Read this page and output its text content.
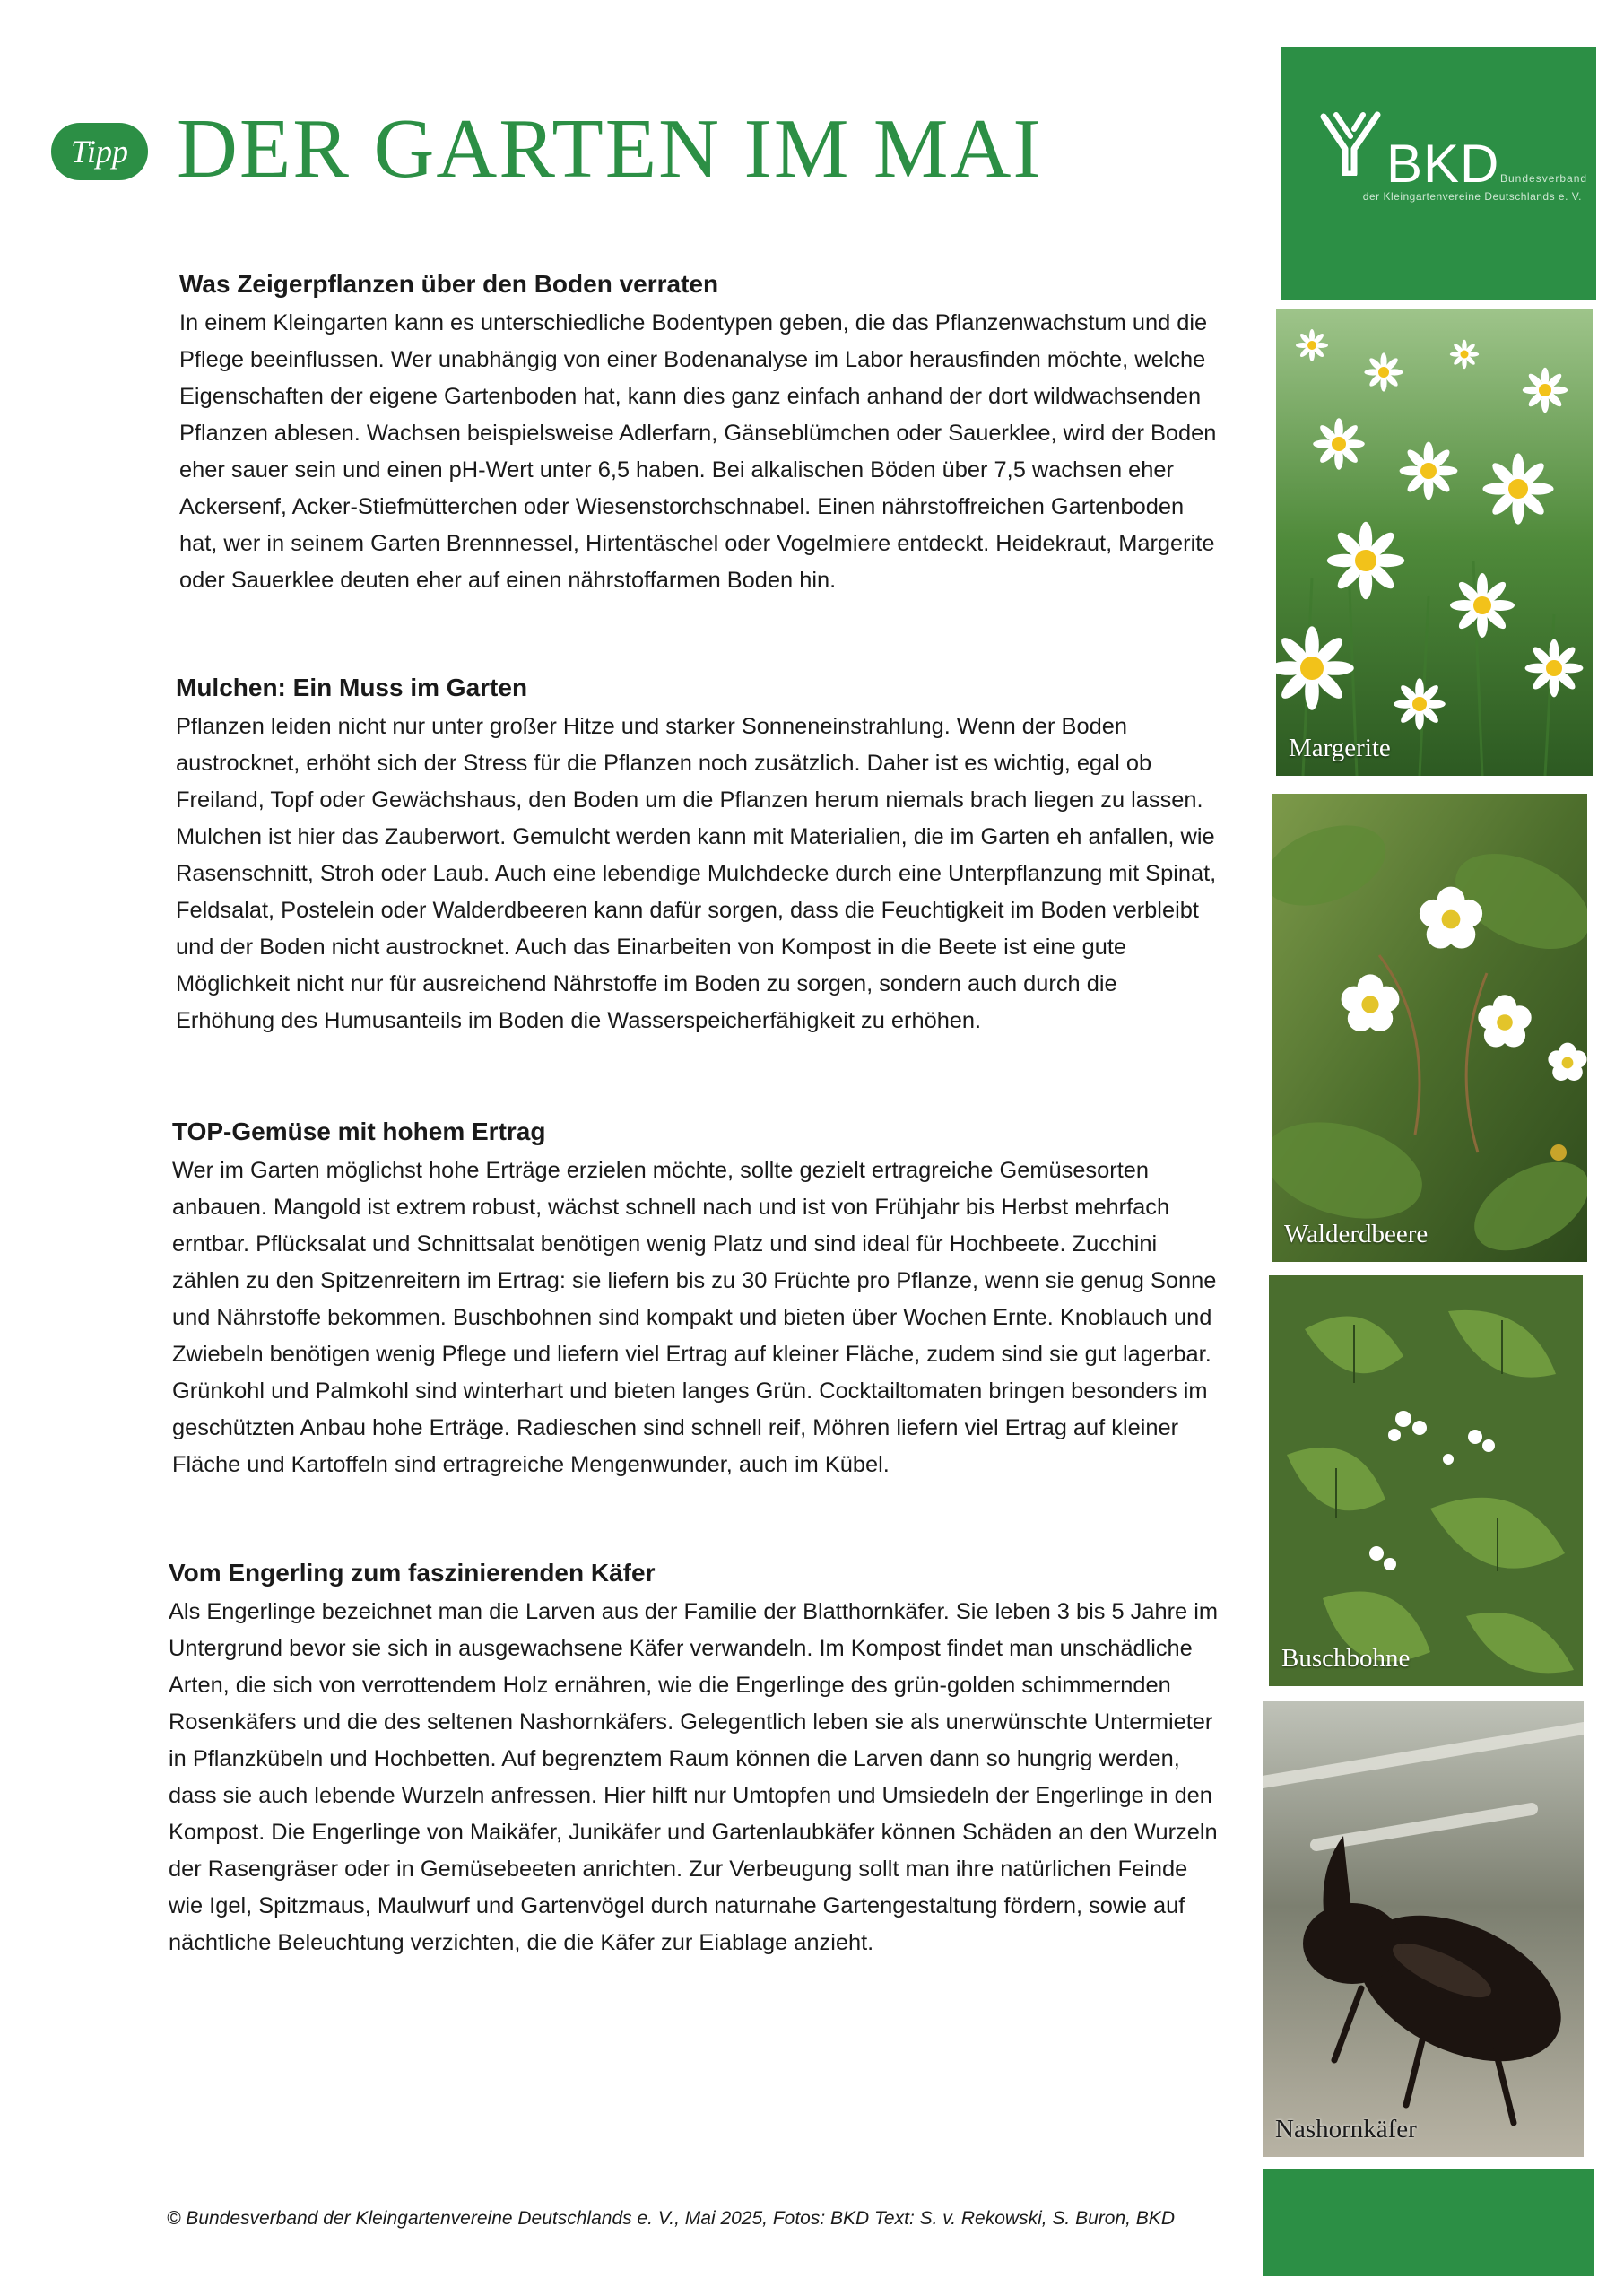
Tipp DER GARTEN IM MAI	BKD Bundesverband
der Kleingartenvereine Deutschlands e. V.
Margerite
Walderdbeere
Buschbohne
Nashornkäfer
Was Zeigerpflanzen über den Boden verraten

In einem Kleingarten kann es unterschiedliche Bodentypen geben, die das Pflanzenwachstum und die Pflege beeinflussen. Wer unabhängig von einer Bodenanalyse im Labor herausfinden möchte, welche Eigenschaften der eigene Gartenboden hat, kann dies ganz einfach anhand der dort wildwachsenden Pflanzen ablesen. Wachsen beispielsweise Adlerfarn, Gänseblümchen oder Sauerklee, wird der Boden eher sauer sein und einen pH-Wert unter 6,5 haben. Bei alkalischen Böden über 7,5 wachsen eher Ackersenf, Acker-Stiefmütterchen oder Wiesenstorchschnabel. Einen nährstoffreichen Gartenboden hat, wer in seinem Garten Brennnessel, Hirtentäschel oder Vogelmiere entdeckt. Heidekraut, Margerite oder Sauerklee deuten eher auf einen nährstoffarmen Boden hin.

Mulchen: Ein Muss im Garten

Pflanzen leiden nicht nur unter großer Hitze und starker Sonneneinstrahlung. Wenn der Boden austrocknet, erhöht sich der Stress für die Pflanzen noch zusätzlich. Daher ist es wichtig, egal ob Freiland, Topf oder Gewächshaus, den Boden um die Pflanzen herum niemals brach liegen zu lassen. Mulchen ist hier das Zauberwort. Gemulcht werden kann mit Materialien, die im Garten eh anfallen, wie Rasenschnitt, Stroh oder Laub. Auch eine lebendige Mulchdecke durch eine Unterpflanzung mit Spinat, Feldsalat, Postelein oder Walderdbeeren kann dafür sorgen, dass die Feuchtigkeit im Boden verbleibt und der Boden nicht austrocknet. Auch das Einarbeiten von Kompost in die Beete ist eine gute Möglichkeit nicht nur für ausreichend Nährstoffe im Boden zu sorgen, sondern auch durch die Erhöhung des Humusanteils im Boden die Wasserspeicherfähigkeit zu erhöhen.

TOP-Gemüse mit hohem Ertrag

Wer im Garten möglichst hohe Erträge erzielen möchte, sollte gezielt ertragreiche Gemüsesorten anbauen. Mangold ist extrem robust, wächst schnell nach und ist von Frühjahr bis Herbst mehrfach erntbar. Pflücksalat und Schnittsalat benötigen wenig Platz und sind ideal für Hochbeete. Zucchini zählen zu den Spitzenreitern im Ertrag: sie liefern bis zu 30 Früchte pro Pflanze, wenn sie genug Sonne und Nährstoffe bekommen. Buschbohnen sind kompakt und bieten über Wochen Ernte. Knoblauch und Zwiebeln benötigen wenig Pflege und liefern viel Ertrag auf kleiner Fläche, zudem sind sie gut lagerbar. Grünkohl und Palmkohl sind winterhart und bieten langes Grün. Cocktailtomaten bringen besonders im geschützten Anbau hohe Erträge. Radieschen sind schnell reif, Möhren liefern viel Ertrag auf kleiner Fläche und Kartoffeln sind ertragreiche Mengenwunder, auch im Kübel.

Vom Engerling zum faszinierenden Käfer

Als Engerlinge bezeichnet man die Larven aus der Familie der Blatthornkäfer. Sie leben 3 bis 5 Jahre im Untergrund bevor sie sich in ausgewachsene Käfer verwandeln. Im Kompost findet man unschädliche Arten, die sich von verrottendem Holz ernähren, wie die Engerlinge des grün-golden schimmernden Rosenkäfers und die des seltenen Nashornkäfers. Gelegentlich leben sie als unerwünschte Untermieter in Pflanzkübeln und Hochbetten. Auf begrenztem Raum können die Larven dann so hungrig werden, dass sie auch lebende Wurzeln anfressen. Hier hilft nur Umtopfen und Umsiedeln der Engerlinge in den Kompost. Die Engerlinge von Maikäfer, Junikäfer und Gartenlaubkäfer können Schäden an den Wurzeln der Rasengräser oder in Gemüsebeeten anrichten. Zur Verbeugung sollt man ihre natürlichen Feinde wie Igel, Spitzmaus, Maulwurf und Gartenvögel durch naturnahe Gartengestaltung fördern, sowie auf nächtliche Beleuchtung verzichten, die die Käfer zur Eiablage anzieht.

© Bundesverband der Kleingartenvereine Deutschlands e. V., Mai 2025, Fotos: BKD Text: S. v. Rekowski, S. Buron, BKD
